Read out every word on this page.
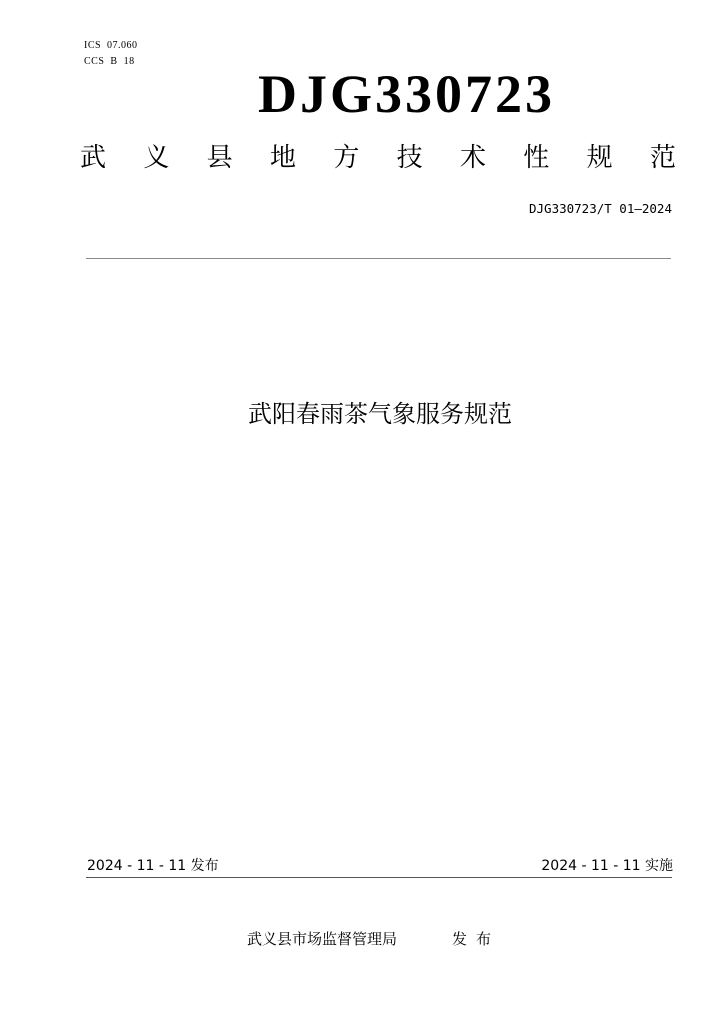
ICS  07.060
CCS  B  18
DJG330723
武 义 县 地 方 技 术 性 规 范
DJG330723/T 01—2024
武阳春雨茶气象服务规范
2024 - 11 - 11 发布	2024 - 11 - 11 实施
武义县市场监督管理局	发布
